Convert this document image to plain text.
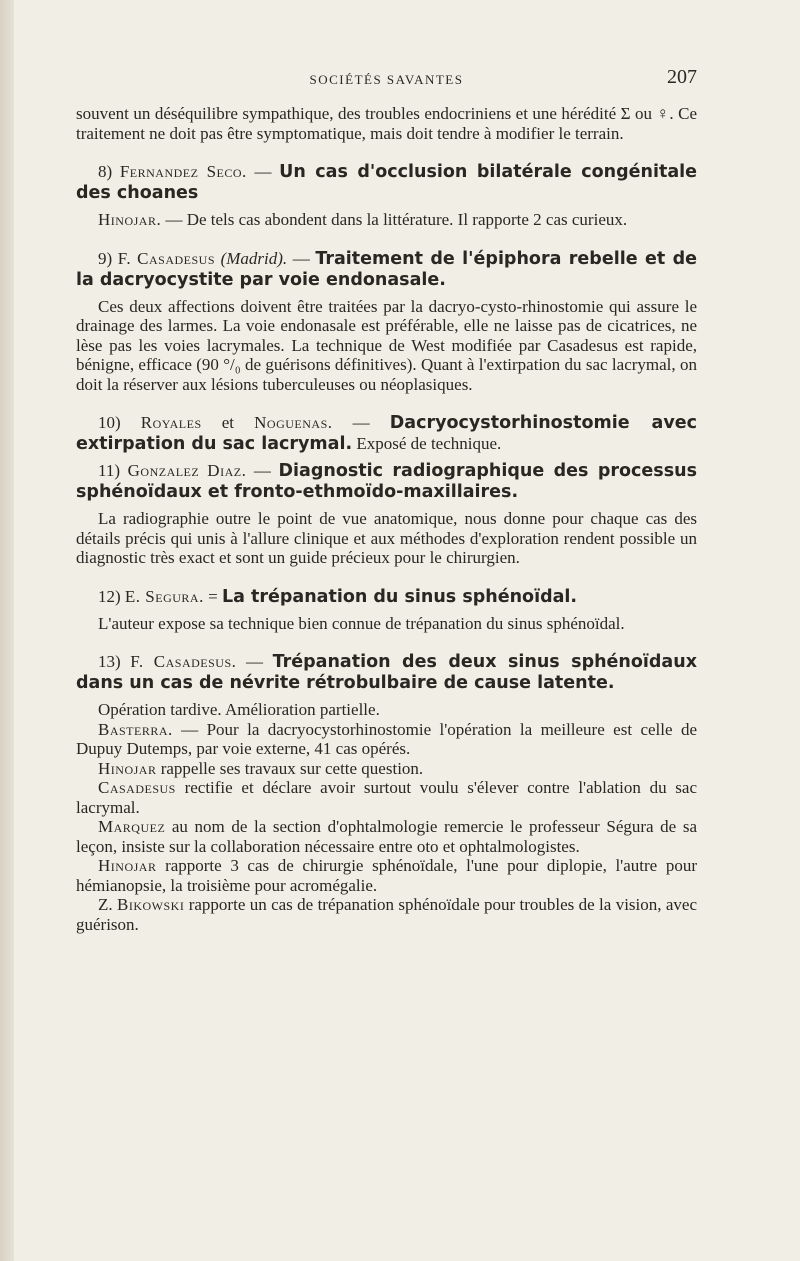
SOCIÉTÉS SAVANTES	207

souvent un déséquilibre sympathique, des troubles endocriniens et une hérédité Σ ou ♀. Ce traitement ne doit pas être symptomatique, mais doit tendre à modifier le terrain.

8) Fernandez Seco. — Un cas d'occlusion bilatérale congénitale des choanes

Hinojar. — De tels cas abondent dans la littérature. Il rapporte 2 cas curieux.

9) F. Casadesus (Madrid). — Traitement de l'épiphora rebelle et de la dacryocystite par voie endonasale.

Ces deux affections doivent être traitées par la dacryo-cysto-rhinostomie qui assure le drainage des larmes. La voie endonasale est préférable, elle ne laisse pas de cicatrices, ne lèse pas les voies lacrymales. La technique de West modifiée par Casadesus est rapide, bénigne, efficace (90 °/₀ de guérisons définitives). Quant à l'extirpation du sac lacrymal, on doit la réserver aux lésions tuberculeuses ou néoplasiques.

10) Royales et Noguenas. — Dacryocystorhinostomie avec extirpation du sac lacrymal. Exposé de technique.

11) Gonzalez Diaz. — Diagnostic radiographique des processus sphénoïdaux et fronto-ethmoïdo-maxillaires.

La radiographie outre le point de vue anatomique, nous donne pour chaque cas des détails précis qui unis à l'allure clinique et aux méthodes d'exploration rendent possible un diagnostic très exact et sont un guide précieux pour le chirurgien.

12) E. Segura. = La trépanation du sinus sphénoïdal.

L'auteur expose sa technique bien connue de trépanation du sinus sphénoïdal.

13) F. Casadesus. — Trépanation des deux sinus sphénoïdaux dans un cas de névrite rétrobulbaire de cause latente.

Opération tardive. Amélioration partielle.

Basterra. — Pour la dacryocystorhinostomie l'opération la meilleure est celle de Dupuy Dutemps, par voie externe, 41 cas opérés.

Hinojar rappelle ses travaux sur cette question.

Casadesus rectifie et déclare avoir surtout voulu s'élever contre l'ablation du sac lacrymal.

Marquez au nom de la section d'ophtalmologie remercie le professeur Ségura de sa leçon, insiste sur la collaboration nécessaire entre oto et ophtalmologistes.

Hinojar rapporte 3 cas de chirurgie sphénoïdale, l'une pour diplopie, l'autre pour hémianopsie, la troisième pour acromégalie.

Z. Bikowski rapporte un cas de trépanation sphénoïdale pour troubles de la vision, avec guérison.
